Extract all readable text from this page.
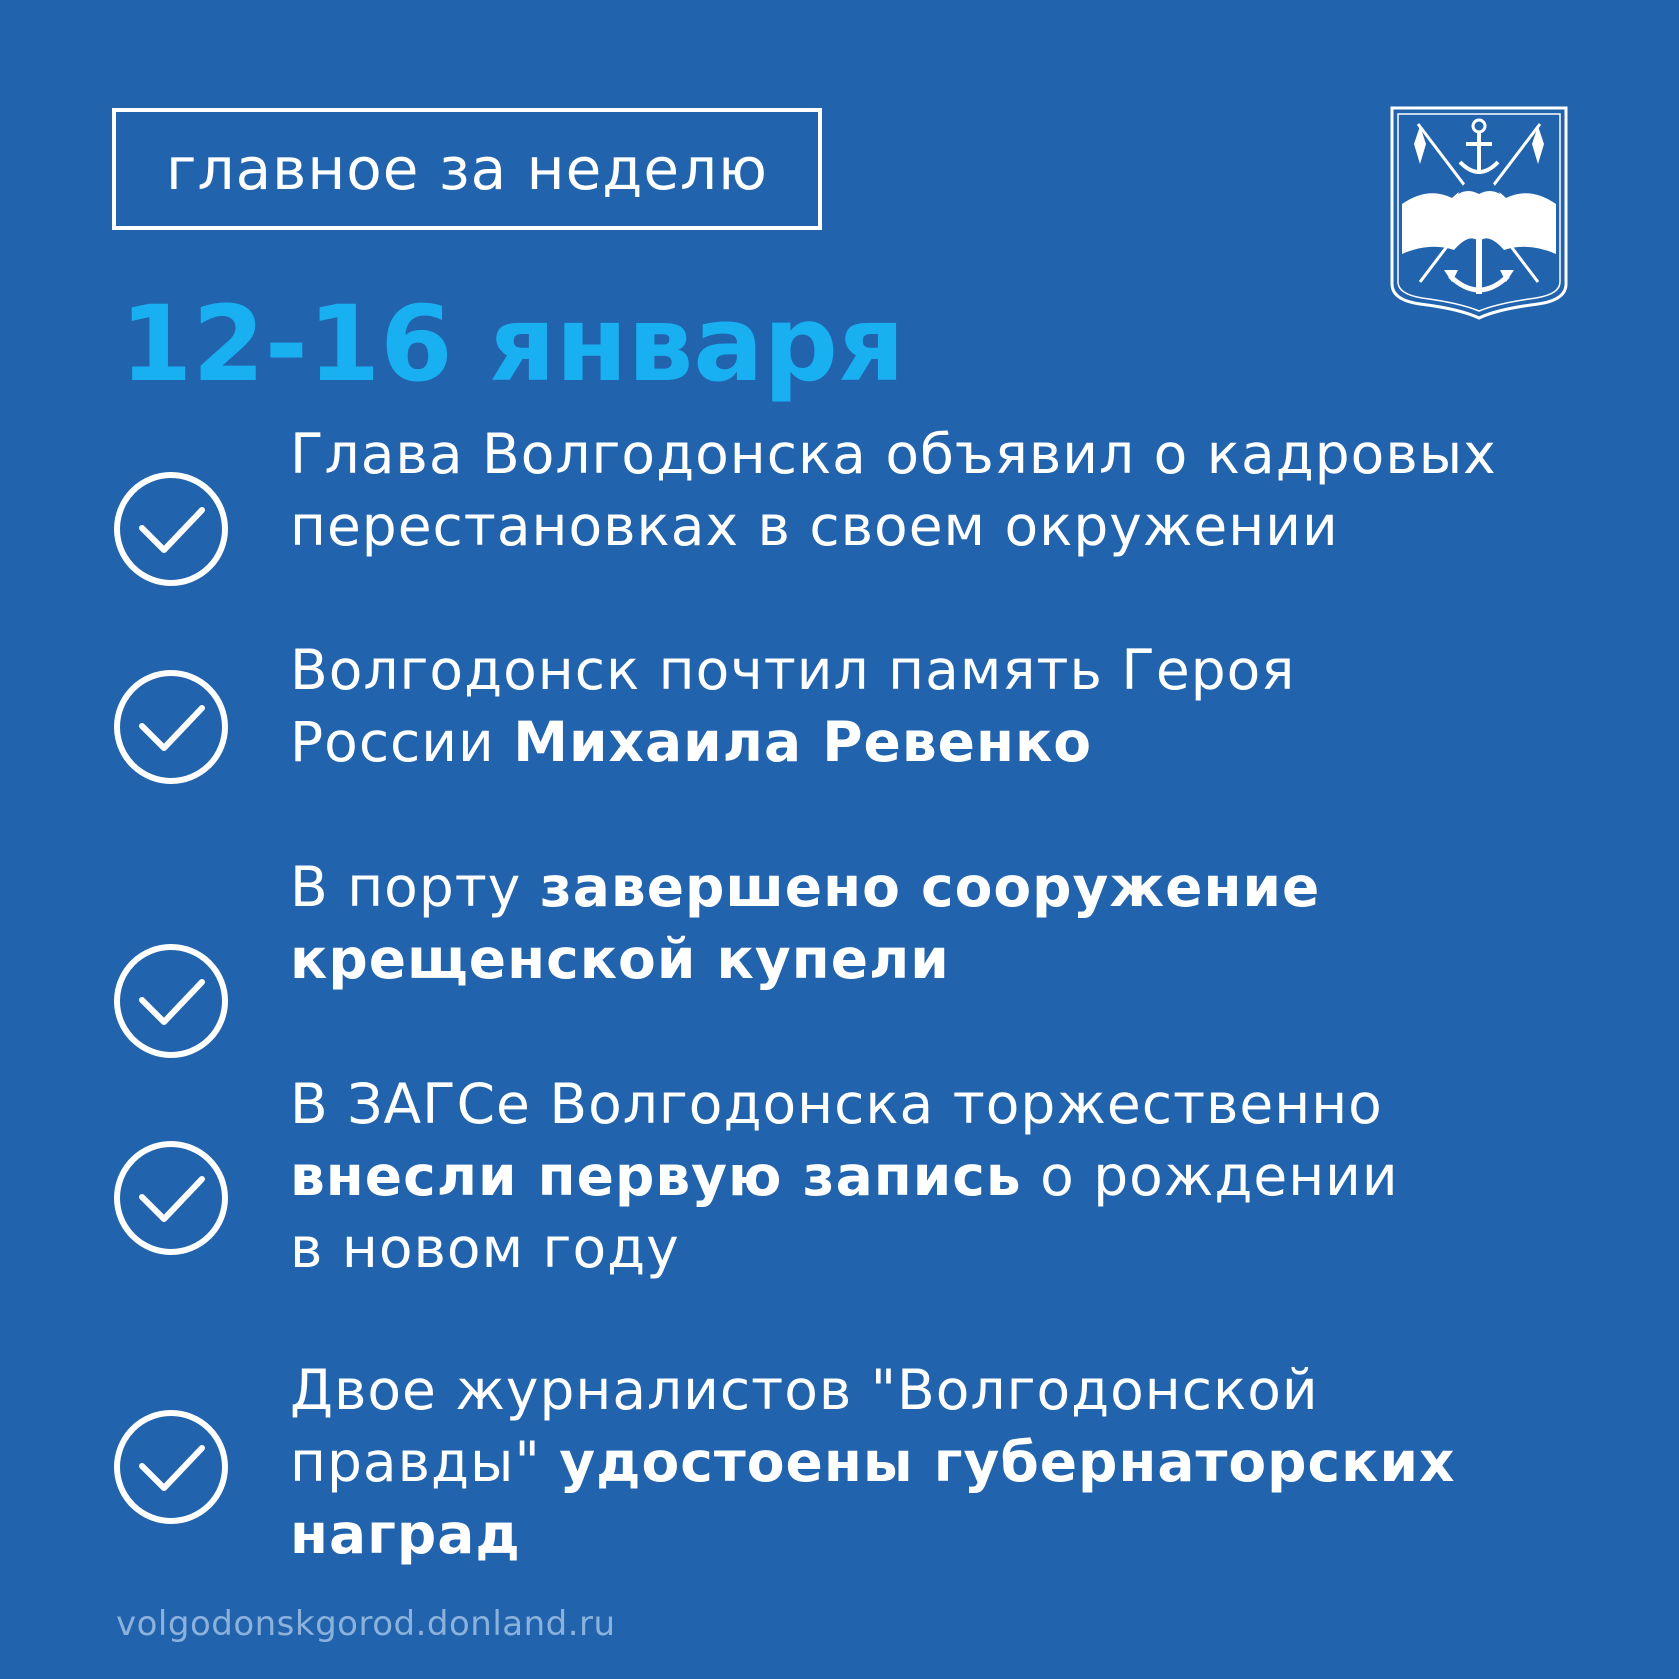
главное за неделю
12-16 января
Глава Волгодонска объявил о кадровых
перестановках в своем окружении
Волгодонск почтил память Героя
России Михаила Ревенко
В порту завершено сооружение
крещенской купели
В ЗАГСе Волгодонска торжественно
внесли первую запись о рождении
в новом году
Двое журналистов "Волгодонской
правды" удостоены губернаторских
наград
volgodonskgorod.donland.ru
